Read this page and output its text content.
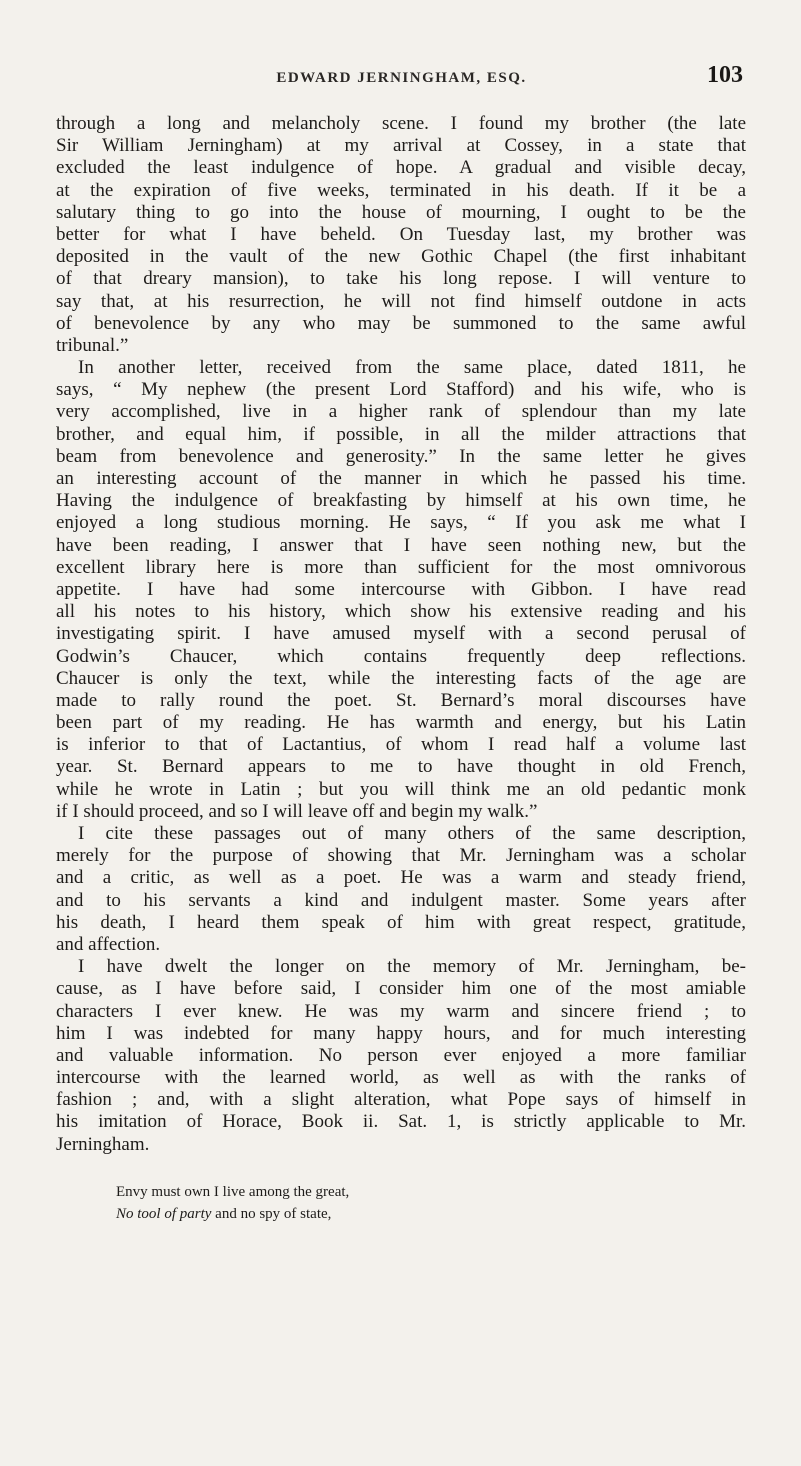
EDWARD JERNINGHAM, ESQ.	103
through a long and melancholy scene. I found my brother (the late
Sir William Jerningham) at my arrival at Cossey, in a state that
excluded the least indulgence of hope. A gradual and visible decay,
at the expiration of five weeks, terminated in his death. If it be a
salutary thing to go into the house of mourning, I ought to be the
better for what I have beheld. On Tuesday last, my brother was
deposited in the vault of the new Gothic Chapel (the first inhabitant
of that dreary mansion), to take his long repose. I will venture to
say that, at his resurrection, he will not find himself outdone in acts
of benevolence by any who may be summoned to the same awful
tribunal.”
In another letter, received from the same place, dated 1811, he
says, “ My nephew (the present Lord Stafford) and his wife, who is
very accomplished, live in a higher rank of splendour than my late
brother, and equal him, if possible, in all the milder attractions that
beam from benevolence and generosity.” In the same letter he gives
an interesting account of the manner in which he passed his time.
Having the indulgence of breakfasting by himself at his own time, he
enjoyed a long studious morning. He says, “ If you ask me what I
have been reading, I answer that I have seen nothing new, but the
excellent library here is more than sufficient for the most omnivorous
appetite. I have had some intercourse with Gibbon. I have read
all his notes to his history, which show his extensive reading and his
investigating spirit. I have amused myself with a second perusal of
Godwin’s Chaucer, which contains frequently deep reflections.
Chaucer is only the text, while the interesting facts of the age are
made to rally round the poet. St. Bernard’s moral discourses have
been part of my reading. He has warmth and energy, but his Latin
is inferior to that of Lactantius, of whom I read half a volume last
year. St. Bernard appears to me to have thought in old French,
while he wrote in Latin ; but you will think me an old pedantic monk
if I should proceed, and so I will leave off and begin my walk.”
I cite these passages out of many others of the same description,
merely for the purpose of showing that Mr. Jerningham was a scholar
and a critic, as well as a poet. He was a warm and steady friend,
and to his servants a kind and indulgent master. Some years after
his death, I heard them speak of him with great respect, gratitude,
and affection.
I have dwelt the longer on the memory of Mr. Jerningham, be-
cause, as I have before said, I consider him one of the most amiable
characters I ever knew. He was my warm and sincere friend ; to
him I was indebted for many happy hours, and for much interesting
and valuable information. No person ever enjoyed a more familiar
intercourse with the learned world, as well as with the ranks of
fashion ; and, with a slight alteration, what Pope says of himself in
his imitation of Horace, Book ii. Sat. 1, is strictly applicable to Mr.
Jerningham.
Envy must own I live among the great,
No tool of party and no spy of state,
